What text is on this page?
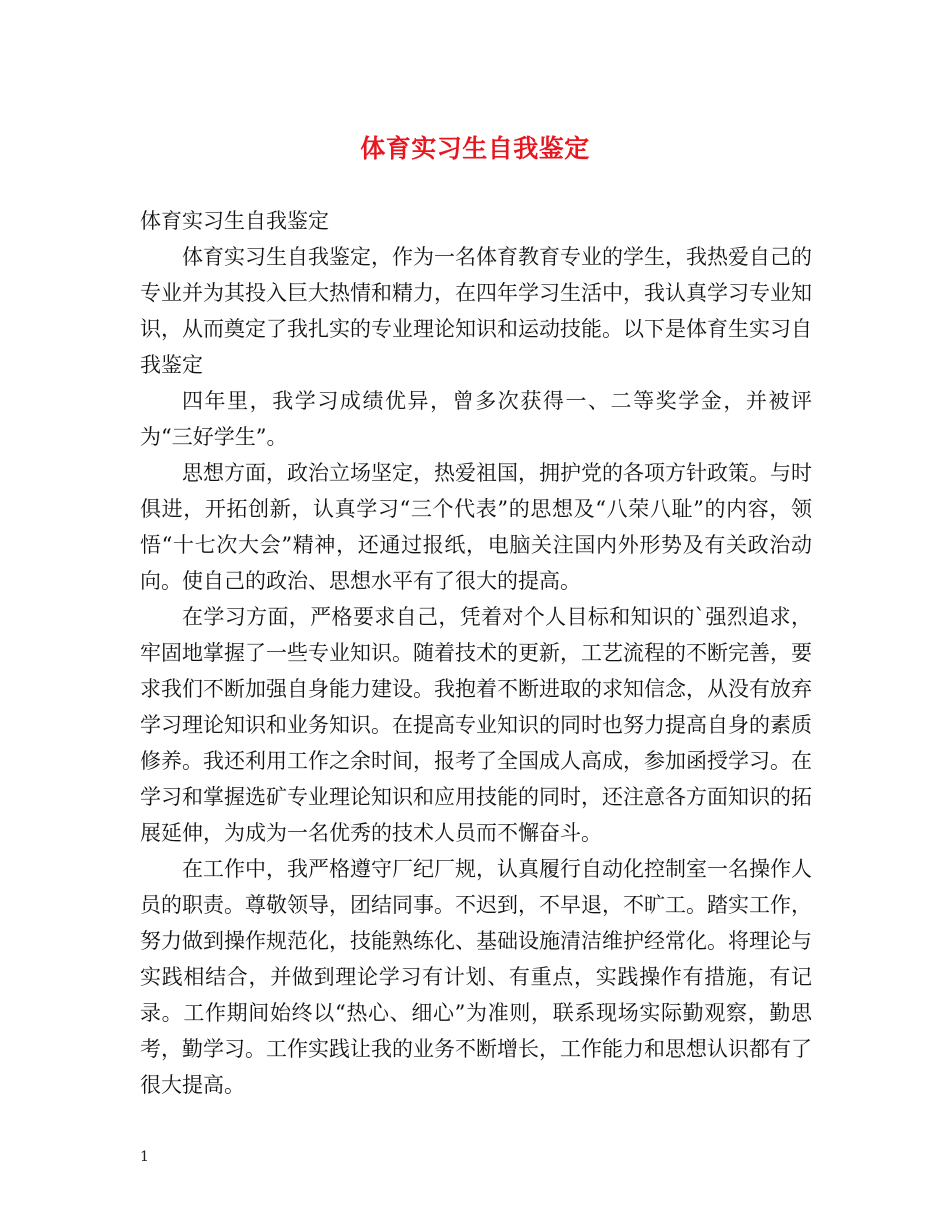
体育实习生自我鉴定

体育实习生自我鉴定

体育实习生自我鉴定，作为一名体育教育专业的学生，我热爱自己的专业并为其投入巨大热情和精力，在四年学习生活中，我认真学习专业知识，从而奠定了我扎实的专业理论知识和运动技能。以下是体育生实习自我鉴定

四年里，我学习成绩优异，曾多次获得一、二等奖学金，并被评为“三好学生”。

思想方面，政治立场坚定，热爱祖国，拥护党的各项方针政策。与时俱进，开拓创新，认真学习“三个代表”的思想及“八荣八耻”的内容，领悟“十七次大会”精神，还通过报纸，电脑关注国内外形势及有关政治动向。使自己的政治、思想水平有了很大的提高。

在学习方面，严格要求自己，凭着对个人目标和知识的`强烈追求，牢固地掌握了一些专业知识。随着技术的更新，工艺流程的不断完善，要求我们不断加强自身能力建设。我抱着不断进取的求知信念，从没有放弃学习理论知识和业务知识。在提高专业知识的同时也努力提高自身的素质修养。我还利用工作之余时间，报考了全国成人高成，参加函授学习。在学习和掌握选矿专业理论知识和应用技能的同时，还注意各方面知识的拓展延伸，为成为一名优秀的技术人员而不懈奋斗。

在工作中，我严格遵守厂纪厂规，认真履行自动化控制室一名操作人员的职责。尊敬领导，团结同事。不迟到，不早退，不旷工。踏实工作，努力做到操作规范化，技能熟练化、基础设施清洁维护经常化。将理论与实践相结合，并做到理论学习有计划、有重点，实践操作有措施，有记录。工作期间始终以“热心、细心”为准则，联系现场实际勤观察，勤思考，勤学习。工作实践让我的业务不断增长，工作能力和思想认识都有了很大提高。

1
